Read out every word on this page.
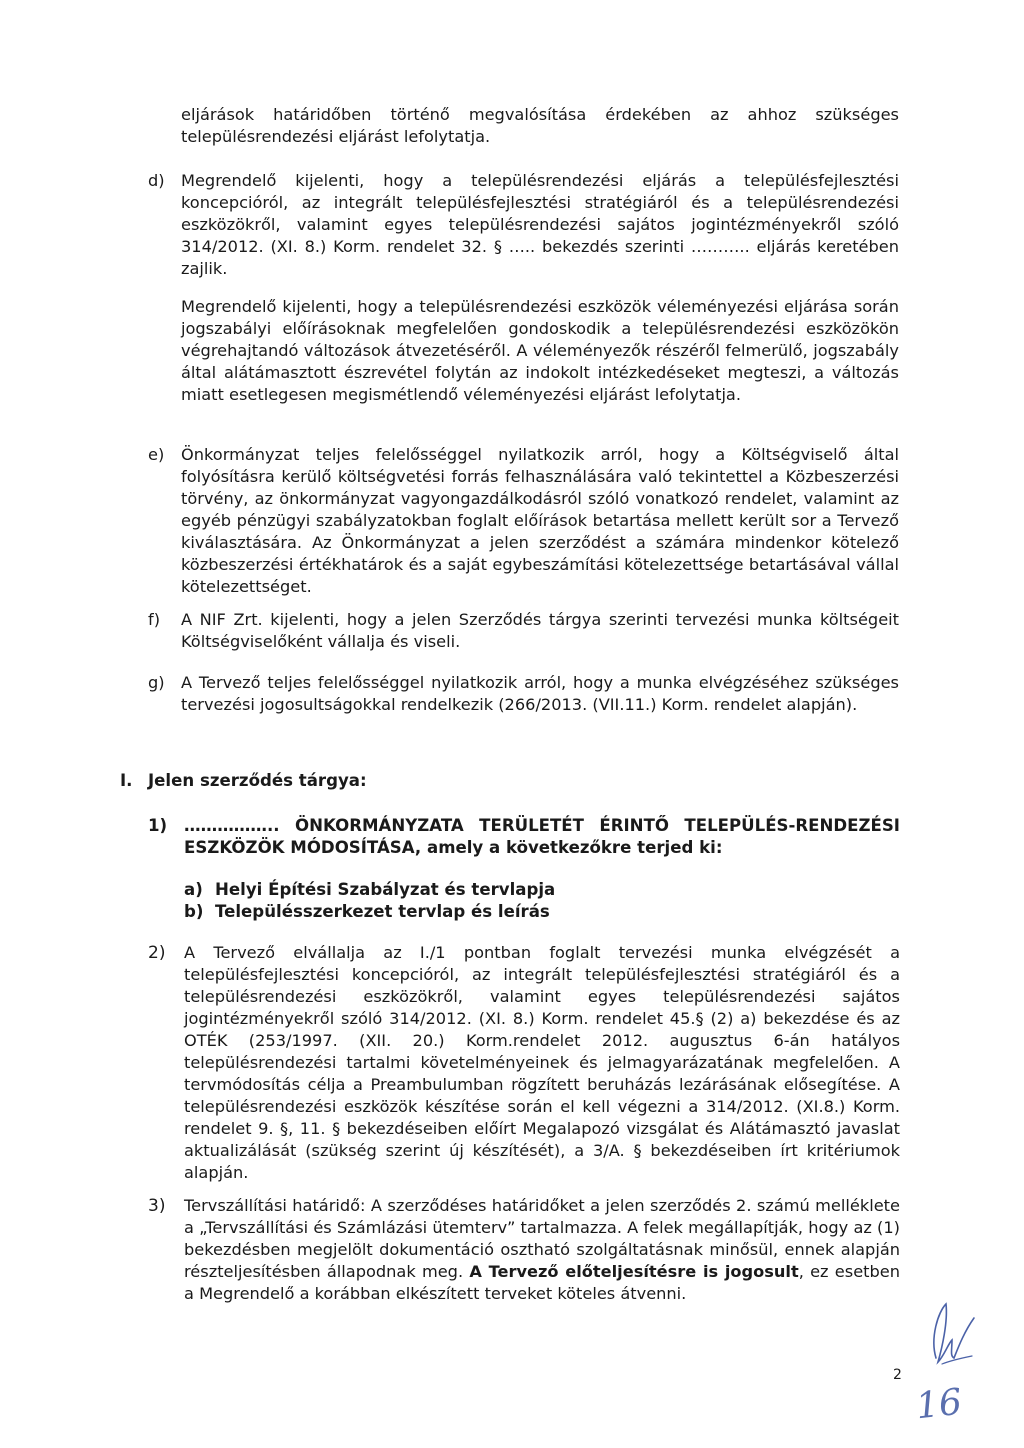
eljárások határidőben történő megvalósítása érdekében az ahhoz szükséges településrendezési eljárást lefolytatja.

d) Megrendelő kijelenti, hogy a településrendezési eljárás a településfejlesztési koncepcióról, az integrált településfejlesztési stratégiáról és a településrendezési eszközökről, valamint egyes településrendezési sajátos jogintézményekről szóló 314/2012. (XI. 8.) Korm. rendelet 32. § ….. bekezdés szerinti ……….. eljárás keretében zajlik.

Megrendelő kijelenti, hogy a településrendezési eszközök véleményezési eljárása során jogszabályi előírásoknak megfelelően gondoskodik a településrendezési eszközökön végrehajtandó változások átvezetéséről. A véleményezők részéről felmerülő, jogszabály által alátámasztott észrevétel folytán az indokolt intézkedéseket megteszi, a változás miatt esetlegesen megismétlendő véleményezési eljárást lefolytatja.

e) Önkormányzat teljes felelősséggel nyilatkozik arról, hogy a Költségviselő által folyósításra kerülő költségvetési forrás felhasználására való tekintettel a Közbeszerzési törvény, az önkormányzat vagyongazdálkodásról szóló vonatkozó rendelet, valamint az egyéb pénzügyi szabályzatokban foglalt előírások betartása mellett került sor a Tervező kiválasztására. Az Önkormányzat a jelen szerződést a számára mindenkor kötelező közbeszerzési értékhatárok és a saját egybeszámítási kötelezettsége betartásával vállal kötelezettséget.

f) A NIF Zrt. kijelenti, hogy a jelen Szerződés tárgya szerinti tervezési munka költségeit Költségviselőként vállalja és viseli.

g) A Tervező teljes felelősséggel nyilatkozik arról, hogy a munka elvégzéséhez szükséges tervezési jogosultságokkal rendelkezik (266/2013. (VII.11.) Korm. rendelet alapján).

I. Jelen szerződés tárgya:
1) …………….. ÖNKORMÁNYZATA TERÜLETÉT ÉRINTŐ TELEPÜLÉS-RENDEZÉSI ESZKÖZÖK MÓDOSÍTÁSA, amely a következőkre terjed ki:

a) Helyi Építési Szabályzat és tervlapja
b) Településszerkezet tervlap és leírás
2) A Tervező elvállalja az I./1 pontban foglalt tervezési munka elvégzését a településfejlesztési koncepcióról, az integrált településfejlesztési stratégiáról és a településrendezési eszközökről, valamint egyes településrendezési sajátos jogintézményekről szóló 314/2012. (XI. 8.) Korm. rendelet 45.§ (2) a) bekezdése és az OTÉK (253/1997. (XII. 20.) Korm.rendelet 2012. augusztus 6-án hatályos településrendezési tartalmi követelményeinek és jelmagyarázatának megfelelően. A tervmódosítás célja a Preambulumban rögzített beruházás lezárásának elősegítése. A településrendezési eszközök készítése során el kell végezni a 314/2012. (XI.8.) Korm. rendelet 9. §, 11. § bekezdéseiben előírt Megalapozó vizsgálat és Alátámasztó javaslat aktualizálását (szükség szerint új készítését), a 3/A. § bekezdéseiben írt kritériumok alapján.

3) Tervszállítási határidő: A szerződéses határidőket a jelen szerződés 2. számú melléklete a „Tervszállítási és Számlázási ütemterv” tartalmazza. A felek megállapítják, hogy az (1) bekezdésben megjelölt dokumentáció osztható szolgáltatásnak minősül, ennek alapján részteljesítésben állapodnak meg. A Tervező előteljesítésre is jogosult, ez esetben a Megrendelő a korábban elkészített terveket köteles átvenni.

2
16
